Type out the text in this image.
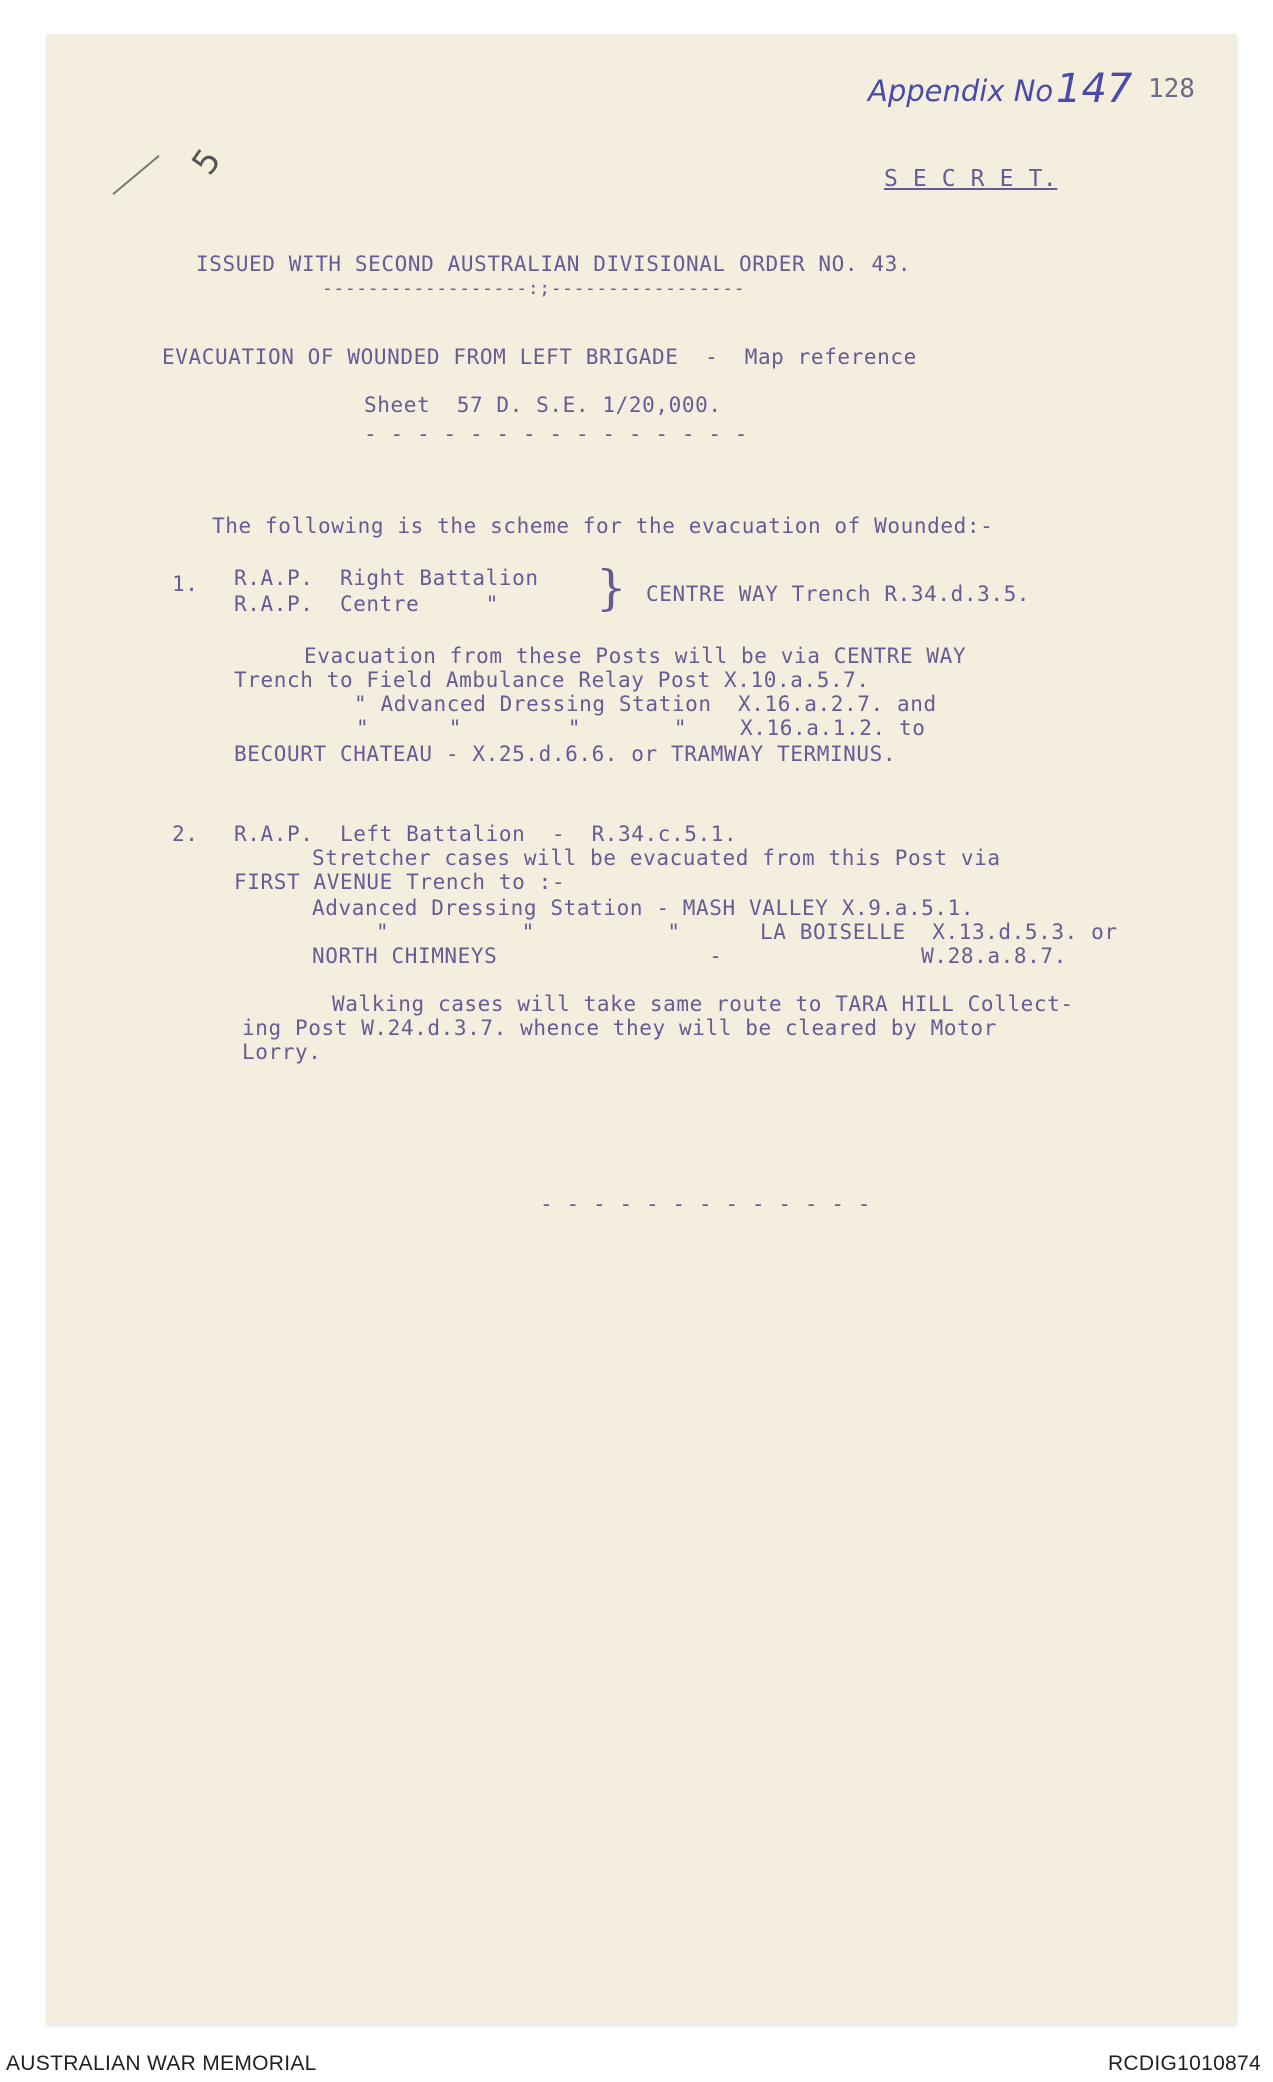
Appendix No 147 128
5	S E C R E T.
ISSUED WITH SECOND AUSTRALIAN DIVISIONAL ORDER NO. 43.
------------------:;-----------------
EVACUATION OF WOUNDED FROM LEFT BRIGADE  -  Map reference
Sheet  57 D. S.E. 1/20,000.
- - - - - - - - - - - - - - -
The following is the scheme for the evacuation of Wounded:-
1. R.A.P.  Right Battalion
R.A.P.  Centre     " } CENTRE WAY Trench R.34.d.3.5.
Evacuation from these Posts will be via CENTRE WAY
Trench to Field Ambulance Relay Post X.10.a.5.7.
" Advanced Dressing Station  X.16.a.2.7. and
"      "        "       "    X.16.a.1.2. to
BECOURT CHATEAU - X.25.d.6.6. or TRAMWAY TERMINUS.
2. R.A.P.  Left Battalion  -  R.34.c.5.1.
Stretcher cases will be evacuated from this Post via
FIRST AVENUE Trench to :-
Advanced Dressing Station - MASH VALLEY X.9.a.5.1.
"          "          "      LA BOISELLE  X.13.d.5.3. or
NORTH CHIMNEYS                -               W.28.a.8.7.
Walking cases will take same route to TARA HILL Collect-
ing Post W.24.d.3.7. whence they will be cleared by Motor
Lorry.
- - - - - - - - - - - - -
AUSTRALIAN WAR MEMORIAL	RCDIG1010874
